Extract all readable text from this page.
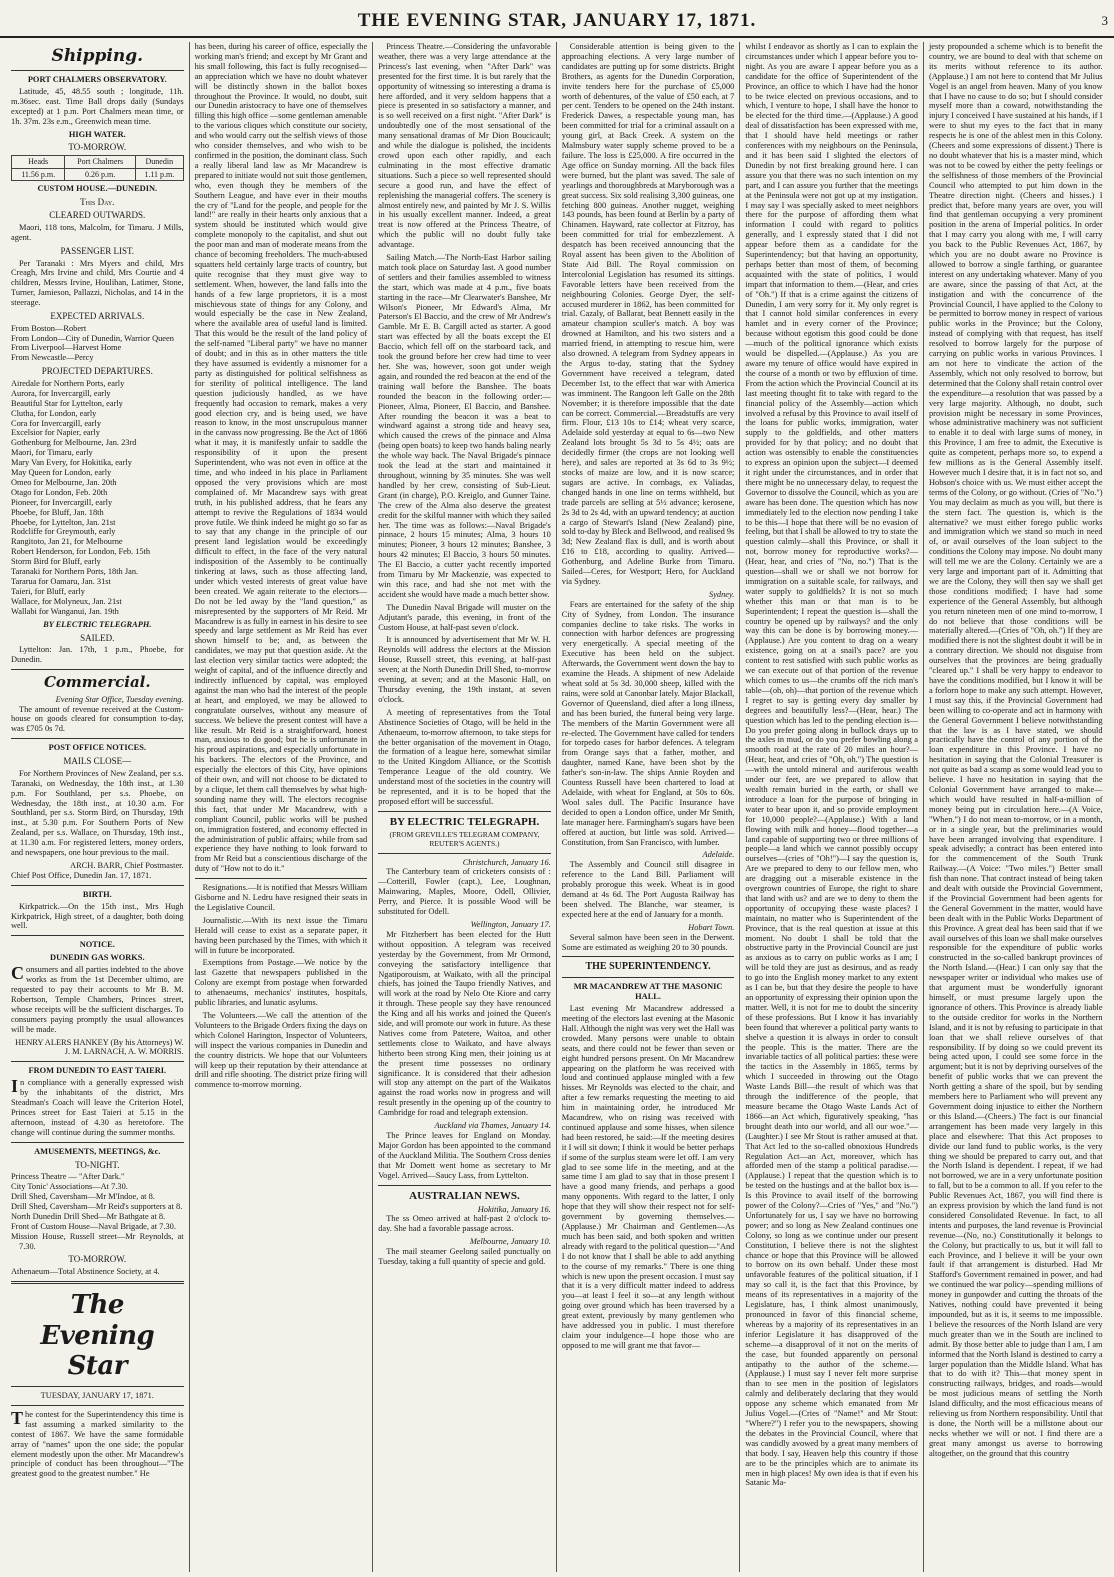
THE EVENING STAR, JANUARY 17, 1871.	3
Shipping.
PORT CHALMERS OBSERVATORY.

Latitude, 45, 48.55 south ; longitude, 11h. m.36sec. east. Time Ball drops daily (Sundays excepted) at 1 p.m. Port Chalmers mean time, or 1h. 37m. 23s e.m., Greenwich mean time.

HIGH WATER.
TO-MORROW.
Heads	Port Chalmers	Dunedin
11.56 p.m.	0.26 p.m.	1.11 p.m.
CUSTOM HOUSE.—DUNEDIN.
This Day.
CLEARED OUTWARDS.

Maori, 118 tons, Malcolm, for Timaru. J Mills, agent.

PASSENGER LIST.

Per Taranaki : Mrs Myers and child, Mrs Creagh, Mrs Irvine and child, Mrs Courtie and 4 children, Messrs Irvine, Houlihan, Latimer, Stone, Turner, Jamieson, Pallazzi, Nicholas, and 14 in the steerage.

EXPECTED ARRIVALS.

From Boston—Robert

From London—City of Dunedin, Warrior Queen

From Liverpool—Harvest Home

From Newcastle—Percy

PROJECTED DEPARTURES.

Airedale for Northern Ports, early

Aurora, for Invercargill, early

Beautiful Star for Lyttelton, early

Clutha, for London, early

Cora for Invercargill, early

Excelsior for Napier, early

Gothenburg for Melbourne, Jan. 23rd

Maori, for Timaru, early

Mary Van Every, for Hokitika, early

May Queen for London, early

Omeo for Melbourne, Jan. 20th

Otago for London, Feb. 20th

Pioneer, for Invercargill, early

Phoebe, for Bluff, Jan. 18th

Phoebe, for Lyttelton, Jan. 21st

Rodcliffe for Greymouth, early

Rangitoto, Jan 21, for Melbourne

Robert Henderson, for London, Feb. 15th

Storm Bird for Bluff, early

Taranaki for Northern Ports, 18th Jan.

Tararua for Oamaru, Jan. 31st

Taieri, for Bluff, early

Wallace, for Molyneux, Jan. 21st

Wallabi for Wanganui, Jan. 19th

BY ELECTRIC TELEGRAPH.
SAILED.

Lyttelton: Jan. 17th, 1 p.m., Phoebe, for Dunedin.

Commercial.
Evening Star Office, Tuesday evening.

The amount of revenue received at the Custom-house on goods cleared for consumption to-day, was £705 0s 7d.

POST OFFICE NOTICES.
MAILS CLOSE—

For Northern Provinces of New Zealand, per s.s. Taranaki, on Wednesday, the 18th inst., at 1.30 p.m. For Southland, per s.s. Phoebe, on Wednesday, the 18th inst., at 10.30 a.m. For Southland, per s.s. Storm Bird, on Thursday, 19th inst., at 5.30 p.m. For Southern Ports of New Zealand, per s.s. Wallace, on Thursday, 19th inst., at 11.30 a.m. For registered letters, money orders, and newspapers, one hour previous to the mail.

ARCH. BARR, Chief Postmaster.

Chief Post Office, Dunedin Jan. 17, 1871.

BIRTH.

Kirkpatrick.—On the 15th inst., Mrs Hugh Kirkpatrick, High street, of a daughter, both doing well.

NOTICE.
DUNEDIN GAS WORKS.

Consumers and all parties indebted to the above works as from the 1st December ultimo, are requested to pay their accounts to Mr B. M. Robertson, Temple Chambers, Princes street, whose receipts will be the sufficient discharges. To consumers paying promptly the usual allowances will be made.

HENRY ALERS HANKEY (By his Attorneys) W. J. M. LARNACH, A. W. MORRIS.
FROM DUNEDIN TO EAST TAIERI.

In compliance with a generally expressed wish by the inhabitants of the district, Mrs Steadman's Coach will leave the Criterion Hotel, Princes street for East Taieri at 5.15 in the afternoon, instead of 4.30 as heretofore. The change will continue during the summer months.

AMUSEMENTS, MEETINGS, &c.
TO-NIGHT.

Princess Theatre — "After Dark."

City Tonic' Associations—At 7.30.

Drill Shed, Caversham—Mr M'Indoe, at 8.

Drill Shed, Caversham—Mr Reid's supporters at 8.

North Dunedin Drill Shed—Mr Bathgate at 8.

Front of Custom House—Naval Brigade, at 7.30.

Mission House, Russell street—Mr Reynolds, at 7.30.

TO-MORROW.

Athenaeum—Total Abstinence Society, at 4.

The Evening Star
TUESDAY, JANUARY 17, 1871.

The contest for the Superintendency this time is fast assuming a marked similarity to the contest of 1867. We have the same formidable array of "names" upon the one side; the popular element modestly upon the other. Mr Macandrew's principle of conduct has been throughout—"The greatest good to the greatest number." He

has been, during his career of office, especially the working man's friend; and except by Mr Grant and his small following, this fact is fully recognised—an appreciation which we have no doubt whatever will be distinctly shown in the ballot boxes throughout the Province. It would, no doubt, suit our Dunedin aristocracy to have one of themselves filling this high office —some gentleman amenable to the various cliques which constitute our society, and who would carry out the selfish views of those who consider themselves, and who wish to be confirmed in the position, the dominant class. Such a really liberal land law as Mr Macandrew is prepared to initiate would not suit those gentlemen, who, even though they be members of the Southern League, and have ever in their mouths the cry of "Land for the people, and people for the land!" are really in their hearts only anxious that a system should be instituted which would give complete monopoly to the capitalist, and shut out the poor man and man of moderate means from the chance of becoming freeholders. The much-abused squatters held certainly large tracts of country, but quite recognise that they must give way to settlement. When, however, the land falls into the hands of a few large proprietors, it is a most mischievous state of things for any Colony, and would especially be the case in New Zealand, where the available area of useful land is limited. That this would be the result of the land policy of the self-named "Liberal party" we have no manner of doubt; and in this as in other matters the title they have assumed is evidently a misnomer for a party as distinguished for political selfishness as for sterility of political intelligence. The land question judiciously handled, as we have frequently had occasion to remark, makes a very good election cry, and is being used, we have reason to know, in the most unscrupulous manner in the canvass now progressing. Be the Act of 1866 what it may, it is manifestly unfair to saddle the responsibility of it upon the present Superintendent, who was not even in office at the time, and who indeed in his place in Parliament opposed the very provisions which are most complained of. Mr Macandrew says with great truth, in his published address, that he fears any attempt to revive the Regulations of 1834 would prove futile. We think indeed he might go so far as to say that any change in the principle of our present land legislation would be exceedingly difficult to effect, in the face of the very natural indisposition of the Assembly to be continually tinkering at laws, such as those affecting land, under which vested interests of great value have been created. We again reiterate to the electors—Do not be led away by the "land question," as misrepresented by the supporters of Mr Reid. Mr Macandrew is as fully in earnest in his desire to see speedy and large settlement as Mr Reid has ever shown himself to be; and, as between the candidates, we may put that question aside. At the last election very similar tactics were adopted; the weight of capital, and of the influence directly and indirectly influenced by capital, was employed against the man who had the interest of the people at heart, and employed, we may be allowed to congratulate ourselves, without any measure of success. We believe the present contest will have a like result. Mr Reid is a straightforward, honest man, anxious to do good; but he is unfortunate in his proud aspirations, and especially unfortunate in his backers. The electors of the Province, and especially the electors of this City, have opinions of their own, and will not choose to be dictated to by a clique, let them call themselves by what high-sounding name they will. The electors recognise this fact, that under Mr Macandrew, with a compliant Council, public works will be pushed on, immigration fostered, and economy effected in the administration of public affairs; while from sad experience they have nothing to look forward to from Mr Reid but a conscientious discharge of the duty of "How not to do it."

Resignations.—It is notified that Messrs William Gisborne and N. Ledru have resigned their seats in the Legislative Council.

Journalistic.—With its next issue the Timaru Herald will cease to exist as a separate paper, it having been purchased by the Times, with which it will in future be incorporated.

Exemptions from Postage.—We notice by the last Gazette that newspapers published in the Colony are exempt from postage when forwarded to athenaeums, mechanics' institutes, hospitals, public libraries, and lunatic asylums.

The Volunteers.—We call the attention of the Volunteers to the Brigade Orders fixing the days on which Colonel Harington, Inspector of Volunteers, will inspect the various companies in Dunedin and the country districts. We hope that our Volunteers will keep up their reputation by their attendance at drill and rifle shooting. The district prize firing will commence to-morrow morning.

Princess Theatre.—Considering the unfavorable weather, there was a very large attendance at the Princess's last evening, when "After Dark" was presented for the first time. It is but rarely that the opportunity of witnessing so interesting a drama is here afforded, and it very seldom happens that a piece is presented in so satisfactory a manner, and is so well received on a first night. "After Dark" is undoubtedly one of the most sensational of the many sensational dramas of Mr Dion Boucicault; and while the dialogue is polished, the incidents crowd upon each other rapidly, and each culminating in the most effective dramatic situations. Such a piece so well represented should secure a good run, and have the effect of replenishing the managerial coffers. The scenery is almost entirely new, and painted by Mr J. S. Willis in his usually excellent manner. Indeed, a great treat is now offered at the Princess Theatre, of which the public will no doubt fully take advantage.

Sailing Match.—The North-East Harbor sailing match took place on Saturday last. A good number of settlers and their families assembled to witness the start, which was made at 4 p.m., five boats starting in the race—Mr Clearwater's Banshee, Mr Wilson's Pioneer, Mr Edward's Alma, Mr Paterson's El Baccio, and the crew of Mr Andrew's Gamble. Mr E. B. Cargill acted as starter. A good start was effected by all the boats except the El Baccio, which fell off on the starboard tack, and took the ground before her crew had time to veer her. She was, however, soon got under weigh again, and rounded the red beacon at the end of the training wall before the Banshee. The boats rounded the beacon in the following order:—Pioneer, Alma, Pioneer, El Baccio, and Banshee. After rounding the beacon it was a beat to windward against a strong tide and heavy sea, which caused the crews of the pinnace and Alma (being open boats) to keep two hands baling nearly the whole way back. The Naval Brigade's pinnace took the lead at the start and maintained it throughout, winning by 35 minutes. She was well handled by her crew, consisting of Sub-Lieut. Grant (in charge), P.O. Kreiglo, and Gunner Taine. The crew of the Alma also deserve the greatest credit for the skilful manner with which they sailed her. The time was as follows:—Naval Brigade's pinnace, 2 hours 15 minutes; Alma, 3 hours 10 minutes; Pioneer, 3 hours 12 minutes; Banshee, 3 hours 42 minutes; El Baccio, 3 hours 50 minutes. The El Baccio, a cutter yacht recently imported from Timaru by Mr Mackenzie, was expected to win this race, and had she not met with the accident she would have made a much better show.

The Dunedin Naval Brigade will muster on the Adjutant's parade, this evening, in front of the Custom House, at half-past seven o'clock.

It is announced by advertisement that Mr W. H. Reynolds will address the electors at the Mission House, Russell street, this evening, at half-past seven; at the North Dunedin Drill Shed, to-morrow evening, at seven; and at the Masonic Hall, on Thursday evening, the 19th instant, at seven o'clock.

A meeting of representatives from the Total Abstinence Societies of Otago, will be held in the Athenaeum, to-morrow afternoon, to take steps for the better organisation of the movement in Otago, the formation of a league here, somewhat similar to the United Kingdom Alliance, or the Scottish Temperance League of the old country. We understand most of the societies in the country will be represented, and it is to be hoped that the proposed effort will be successful.

BY ELECTRIC TELEGRAPH.
(FROM GREVILLE'S TELEGRAM COMPANY, REUTER'S AGENTS.)
Christchurch, January 16.

The Canterbury team of cricketers consists of :—Cotterill, Fowler (capt.), Lee, Loughnan, Mainwaring, Maples, Moore, Odell, Ollivier, Perry, and Pierce. It is possible Wood will be substituted for Odell.

Wellington, January 17.

Mr Fitzherbert has been elected for the Hutt without opposition. A telegram was received yesterday by the Government, from Mr Ormond, conveying the satisfactory intelligence that Ngatiporouism, at Waikato, with all the principal chiefs, has joined the Taupo friendly Natives, and will work at the road by Nelo Ote Kiore and carry it through. These people say they have renounced the King and all his works and joined the Queen's side, and will promote our work in future. As these Natives come from Patetere, Waitoa, and other settlements close to Waikato, and have always hitherto been strong King men, their joining us at the present time possesses no ordinary significance. It is considered that their adhesion will stop any attempt on the part of the Waikatos against the road works now in progress and will result presently in the opening up of the country to Cambridge for road and telegraph extension.

Auckland via Thames, January 14.

The Prince leaves for England on Monday. Major Gordon has been appointed to the command of the Auckland Militia. The Southern Cross denies that Mr Domett went home as secretary to Mr Vogel. Arrived—Saucy Lass, from Lyttelton.

AUSTRALIAN NEWS.
Hokitika, January 16.

The ss Omeo arrived at half-past 2 o'clock to-day. She had a favorable passage across.

Melbourne, January 10.

The mail steamer Geelong sailed punctually on Tuesday, taking a full quantity of specie and gold.

Considerable attention is being given to the approaching elections. A very large number of candidates are putting up for some districts. Bright Brothers, as agents for the Dunedin Corporation, invite tenders here for the purchase of £5,000 worth of debentures, of the value of £50 each, at 7 per cent. Tenders to be opened on the 24th instant. Frederick Dawes, a respectable young man, has been committed for trial for a criminal assault on a young girl, at Back Creek. A system on the Malmsbury water supply scheme proved to be a failure. The loss is £25,000. A fire occurred in the Age office on Sunday morning. All the back files were burned, but the plant was saved. The sale of yearlings and thoroughbreds at Maryborough was a great success. Six sold realising 3,300 guineas, one fetching 800 guineas. Another nugget, weighing 143 pounds, has been found at Berlin by a party of Chinamen. Hayward, rate collector at Fitzroy, has been committed for trial for embezzlement. A despatch has been received announcing that the Royal assent has been given to the Abolition of State Aid Bill. The Royal commission on Intercolonial Legislation has resumed its sittings. Favorable letters have been received from the neighbouring Colonies. George Dyer, the self-accused murderer in 1862, has been committed for trial. Cazaly, of Ballarat, beat Bennett easily in the amateur champion sculler's match. A boy was drowned at Hamilton, and his two sisters and a married friend, in attempting to rescue him, were also drowned. A telegram from Sydney appears in the Argus to-day, stating that the Sydney Government have received a telegram, dated December 1st, to the effect that war with America was imminent. The Rangoon left Galle on the 28th November; it is therefore impossible that the date can be correct. Commercial.—Breadstuffs are very firm. Flour, £13 10s to £14; wheat very scarce, Adelaide sold yesterday at equal to 6s—two New Zealand lots brought 5s 3d to 5s 4½; oats are decidedly firmer (the crops are not looking well here), and sales are reported at 3s 6d to 3s 9½; stocks of maize are low, and it is now scarce; sugars are active. In cornbags, ex Valiadas, changed hands in one line on terms withheld, but trade parcels are selling at 5½ advance; kerosene, 2s 3d to 2s 4d, with an upward tendency; at auction a cargo of Stewart's Island (New Zealand) pine, sold to-day by Bleck and Bellwood, and realised 9s 3d; New Zealand flax is dull, and is worth about £16 to £18, according to quality. Arrived—Gothenburg, and Adeline Burke from Timaru. Sailed—Ceres, for Westport; Hero, for Auckland via Sydney.

Sydney.

Fears are entertained for the safety of the ship City of Sydney, from London. The insurance companies decline to take risks. The works in connection with harbor defences are progressing very energetically. A special meeting of the Executive has been held on the subject. Afterwards, the Government went down the bay to examine the Heads. A shipment of new Adelaide wheat sold at 5s 3d. 30,000 sheep, killed with the rains, were sold at Canonbar lately. Major Blackall, Governor of Queensland, died after a long illness, and has been buried, the funeral being very large. The members of the Martin Government were all re-elected. The Government have called for tenders for torpedo cases for harbor defences. A telegram from Orange says that a father, mother, and daughter, named Kane, have been shot by the father's son-in-law. The ships Annie Royden and Countess Russell have been chartered to load at Adelaide, with wheat for England, at 50s to 60s. Wool sales dull. The Pacific Insurance have decided to open a London office, under Mr Smith, late manager here. Farmingham's sugars have been offered at auction, but little was sold. Arrived—Constitution, from San Francisco, with lumber.

Adelaide.

The Assembly and Council still disagree in reference to the Land Bill. Parliament will probably prorogue this week. Wheat is in good demand at 4s 6d. The Port Augusta Railway has been shelved. The Blanche, war steamer, is expected here at the end of January for a month.

Hobart Town.

Several salmon have been seen in the Derwent. Some are estimated as weighing 20 to 30 pounds.

THE SUPERINTENDENCY.
MR MACANDREW AT THE MASONIC HALL.

Last evening Mr Macandrew addressed a meeting of the electors last evening at the Masonic Hall. Although the night was very wet the Hall was crowded. Many persons were unable to obtain seats, and there could not be fewer than seven or eight hundred persons present. On Mr Macandrew appearing on the platform he was received with loud and continued applause mingled with a few hisses. Mr Reynolds was elected to the chair, and after a few remarks requesting the meeting to aid him in maintaining order, he introduced Mr Macandrew, who on rising was received with continued applause and some hisses, when silence had been restored, he said:—If the meeting desires it I will sit down; I think it would be better perhaps if some of the surplus steam were let off. I am very glad to see some life in the meeting, and at the same time I am glad to say that in those present I have a good many friends, and perhaps a good many opponents. With regard to the latter, I only hope that they will show their respect not for self-government by governing themselves.—(Applause.) Mr Chairman and Gentlemen—As much has been said, and both spoken and written already with regard to the political question—"And I do not know that I shall be able to add anything to the course of my remarks." There is one thing which is new upon the present occasion. I must say that it is a very difficult matter indeed to address you—at least I feel it so—at any length without going over ground which has been traversed by a great extent, previously by many gentlemen who have addressed you in public. I must therefore claim your indulgence—I hope those who are opposed to me will grant me that favor—

whilst I endeavor as shortly as I can to explain the circumstances under which I appear before you to-night. As you are aware I appear before you as a candidate for the office of Superintendent of the Province, an office to which I have had the honor to be twice elected on previous occasions, and to which, I venture to hope, I shall have the honor to be elected for the third time.—(Applause.) A good deal of dissatisfaction has been expressed with me, that I should have held meetings or rather conferences with my neighbours on the Peninsula, and it has been said I slighted the electors of Dunedin by not first breaking ground here. I can assure you that there was no such intention on my part, and I can assure you further that the meetings at the Peninsula were not got up at my instigation. I may say I was specially asked to meet neighbors there for the purpose of affording them what information I could with regard to politics generally, and I expressly stated that I did not appear before them as a candidate for the Superintendency; but that having an opportunity, perhaps better than most of them, of becoming acquainted with the state of politics, I would impart that information to them.—(Hear, and cries of "Oh.") If that is a crime against the citizens of Dunedin, I am very sorry for it. My only regret is that I cannot hold similar conferences in every hamlet and in every corner of the Province; because without egotism this good could be done—much of the political ignorance which exists would be dispelled.—(Applause.) As you are aware my tenure of office would have expired in the course of a month or two by effluxion of time. From the action which the Provincial Council at its last meeting thought fit to take with regard to the financial policy of the Assembly—action which involved a refusal by this Province to avail itself of the loans for public works, immigration, water supply to the goldfields, and other matters provided for by that policy; and no doubt that action was ostensibly to enable the constituencies to express an opinion upon the subject—I deemed it right under the circumstances, and in order that there might be no unnecessary delay, to request the Governor to dissolve the Council, which as you are aware has been done. The question which has now immediately led to the election now pending I take to be this—I hope that there will be no evasion of feeling, but that I shall be allowed to try to state the question calmly—shall this Province, or shall it not, borrow money for reproductive works?—(Hear, hear, and cries of "No, no.") That is the question—shall we or shall we not borrow for immigration on a suitable scale, for railways, and water supply to goldfields? It is not so much whether this man or that man is to be Superintendent; I repeat the question is—shall the country be opened up by railways? and the only way this can be done is by borrowing money.—(Applause.) Are you content to drag on a weary existence, going on at a snail's pace? are you content to rest satisfied with such public works as we can execute out of that portion of the revenue which comes to us—the crumbs off the rich man's table—(oh, oh)—that portion of the revenue which I regret to say is getting every day smaller by degrees and beautifully less?—(Hear, hear.) The question which has led to the pending election is—Do you prefer going along in bullock drays up to the axles in mud, or do you prefer bowling along a smooth road at the rate of 20 miles an hour?—(Hear, hear, and cries of "Oh, oh.") The question is—with the untold mineral and auriferous wealth under our feet, are we prepared to allow that wealth remain buried in the earth, or shall we introduce a loan for the purpose of bringing in water to bear upon it, and so provide employment for 10,000 people?—(Applause.) With a land flowing with milk and honey—flood together—a land capable of supporting two or three millions of people—a land which we cannot possibly occupy ourselves—(cries of "Oh!")—I say the question is, Are we prepared to deny to our fellow men, who are dragging out a miserable existence in the overgrown countries of Europe, the right to share that land with us? and are we to deny to them the opportunity of occupying these waste places? I maintain, no matter who is Superintendent of the Province, that is the real question at issue at this moment. No doubt I shall be told that the obstructive party in the Provincial Council are just as anxious as to carry on public works as I am; I will be told they are just as desirous, and as ready to go into the English money market to any extent as I can be, but that they desire the people to have an opportunity of expressing their opinion upon the matter. Well, it is not for me to doubt the sincerity of these professions. But I know it has invariably been found that wherever a political party wants to shelve a question it is always in order to consult the people. This is the matter. There are the invariable tactics of all political parties: these were the tactics in the Assembly in 1865, terms by which I succeeded in throwing out the Otago Waste Lands Bill—the result of which was that through the indifference of the people, that measure became the Otago Waste Lands Act of 1866—an Act which, figuratively speaking, "has brought death into our world, and all our woe."—(Laughter.) I see Mr Stout is rather amused at that. That Act led to the so-called obnoxious Hundreds Regulation Act—an Act, moreover, which has afforded men of the stamp a political paradise.—(Applause.) I repeat that the question which is to be tested on the hustings and at the ballot box is—Is this Province to avail itself of the borrowing power of the Colony?—Cries of "Yes," and "No.") Unfortunately for us, I say we have no borrowing power; and so long as New Zealand continues one Colony, so long as we continue under our present Constitution, I believe there is not the slightest chance or hope that this Province will be allowed to borrow on its own behalf. Under these most unfavorable features of the political situation, if I may so call it, is the fact that this Province, by means of its representatives in a majority of the Legislature, has, I think almost unanimously, pronounced in favor of this financial scheme, whereas by a majority of its representatives in an inferior Legislature it has disapproved of the scheme—a disapproval of it not on the merits of the case, but founded apparently on personal antipathy to the author of the scheme.—(Applause.) I must say I never felt more surprise than to see men in the position of legislators calmly and deliberately declaring that they would oppose any scheme which emanated from Mr Julius Vogel.—(Cries of "Name!" and Mr Stout: "Where?") I refer you to the newspapers, showing the debates in the Provincial Council, where that was candidly avowed by a great many members of that body. I say, Heaven help this country if those are to be the principles which are to animate its men in high places! My own idea is that if even his Satanic Ma-

jesty propounded a scheme which is to benefit the country, we are bound to deal with that scheme on its merits without reference to its author. (Applause.) I am not here to contend that Mr Julius Vogel is an angel from heaven. Many of you know that I have no cause to do so; but I should consider myself more than a coward, notwithstanding the injury I conceived I have sustained at his hands, if I were to shut my eyes to the fact that in many respects he is one of the ablest men in this Colony. (Cheers and some expressions of dissent.) There is no doubt whatever that his is a master mind, which was not to be cowed by either the petty feelings or the selfishness of those members of the Provincial Council who attempted to put him down in the Theatre direction night. (Cheers and hisses.) I predict that, before many years are over, you will find that gentleman occupying a very prominent position in the arena of Imperial politics. In order that I may carry you along with me, I will carry you back to the Public Revenues Act, 1867, by which you are no doubt aware no Province is allowed to borrow a single farthing, or guarantee interest on any undertaking whatever. Many of you are aware, since the passing of that Act, at the instigation and with the concurrence of the Provincial Council, I have applied to the Colony to be permitted to borrow money in respect of various public works in the Province; but the Colony, instead of complying with that request, has itself resolved to borrow largely for the purpose of carrying on public works in various Provinces. I am not here to vindicate the action of the Assembly, which not only resolved to borrow, but determined that the Colony shall retain control over the expenditure—a resolution that was passed by a very large majority. Although, no doubt, such provision might be necessary in some Provinces, whose administrative machinery was not sufficient to enable it to deal with large sums of money, in this Province, I am free to admit, the Executive is quite as competent, perhaps more so, to expend a few millions as is the General Assembly itself. However much I desire that, it is in fact not so, and Hobson's choice with us. We must either accept the terms of the Colony, or go without. (Cries of "No.") You may declaim as much as you will, but there is the stern fact. The question is, which is the alternative? we must either forego public works and immigration which we stand so much in need of, or avail ourselves of the loan subject to the conditions the Colony may impose. No doubt many will tell me we are the Colony. Certainly we are a very large and important part of it. Admitting that we are the Colony, they will then say we shall get those conditions modified; I have had some experience of the General Assembly, but although you return nineteen men of one mind to-morrow, I do not believe that those conditions will be materially altered.—(Cries of "Oh, oh.") If they are modified there is not the slightest doubt it will be in a contrary direction. We should not disguise from ourselves that the provinces are being gradually "cleared up." I shall be very happy to endeavor to have the conditions modified, but I know it will be a forlorn hope to make any such attempt. However, I must say this, if the Provincial Government had been willing to co-operate and act in harmony with the General Government I believe notwithstanding that the law is as I have stated, we should practically have the control of any portion of the loan expenditure in this Province. I have no hesitation in saying that the Colonial Treasurer is not quite as bad a scamp as some would lead you to believe. I have no hesitation in saying that the Colonial Government have arranged to make—which would have resulted in half-a-million of money being put in circulation here.—(A Voice, "When.") I do not mean to-morrow, or in a month, or in a single year, but the preliminaries would have been arranged involving that expenditure. I speak advisedly; a contract has been entered into for the commencement of the South Trunk Railway.—(A Voice: "Two miles.") Better small fish than none. That contract instead of being taken and dealt with outside the Provincial Government, if the Provincial Government had been agents for the General Government in the matter, would have been dealt with in the Public Works Department of this Province. A great deal has been said that if we avail ourselves of this loan we shall make ourselves responsible for the expenditure of public works constructed in the so-called bankrupt provinces of the North Island.—(Hear.) I can only say that the newspaper writer or individual who makes use of that argument must be wonderfully ignorant himself, or must presume largely upon the ignorance of others. This Province is already liable to the outside creditor for works in the Northern Island, and it is not by refusing to participate in that loan that we shall relieve ourselves of that responsibility. If by doing so we could prevent its being acted upon, I could see some force in the argument; but it is not by depriving ourselves of the benefit of public works that we can prevent the North getting a share of the spoil, but by sending members here to Parliament who will prevent any Government doing injustice to either the Northern or this Island.—(Cheers.) The fact is our financial arrangement has been made very largely in this place and elsewhere: That this Act proposes to divide our land fund to public works, is the very thing we should be prepared to carry out, and that the North Island is dependent. I repeat, if we had not borrowed, we are in a very unfortunate position to fall, but to be a common to all. If you refer to the Public Revenues Act, 1867, you will find there is an express provision by which the land fund is not considered Consolidated Revenue. In fact, to all intents and purposes, the land revenue is Provincial revenue—(No, no.) Constitutionally it belongs to the Colony, but practically to us, but it will fall to each Province, and I believe it will be your own fault if that arrangement is disturbed. Had Mr Stafford's Government remained in power, and had we continued the war policy—spending millions of money in gunpowder and cutting the throats of the Natives, nothing could have prevented it being impounded, but as it is, it seems to me impossible. I believe the resources of the North Island are very much greater than we in the South are inclined to admit. By those better able to judge than I am, I am informed that the North Island is destined to carry a larger population than the Middle Island. What has that to do with it? This—that money spent in constructing railways, bridges, and roads—would be most judicious means of settling the North Island difficulty, and the most efficacious means of relieving us from Northern responsibility. Until that is done, the North will be a millstone about our necks whether we will or not. I find there are a great many amongst us averse to borrowing altogether, on the ground that this country
